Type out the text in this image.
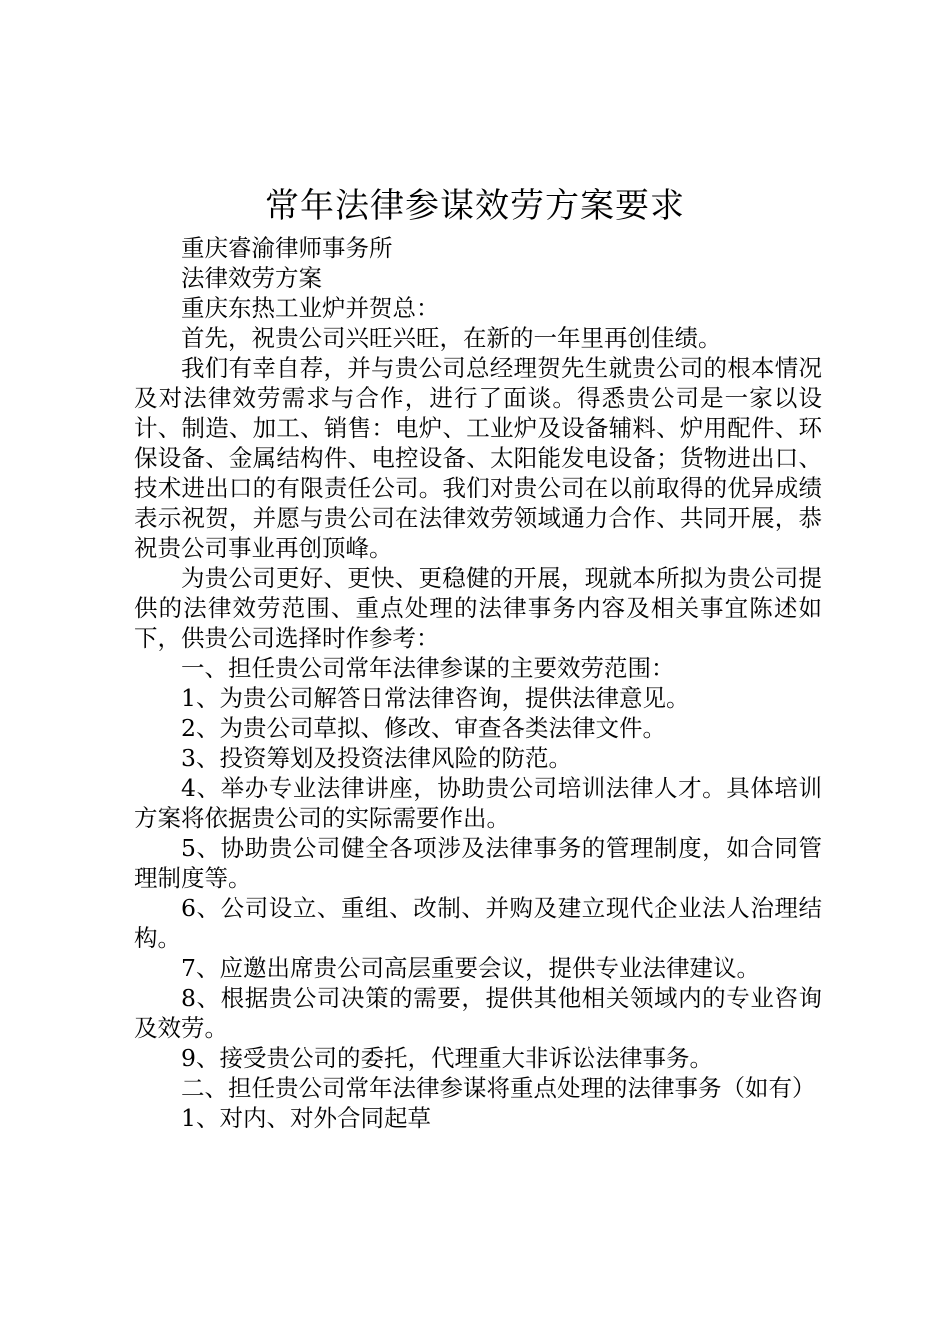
常年法律参谋效劳方案要求

重庆睿渝律师事务所

法律效劳方案

重庆东热工业炉并贺总：

首先，祝贵公司兴旺兴旺，在新的一年里再创佳绩。

我们有幸自荐，并与贵公司总经理贺先生就贵公司的根本情况及对法律效劳需求与合作，进行了面谈。得悉贵公司是一家以设计、制造、加工、销售：电炉、工业炉及设备辅料、炉用配件、环保设备、金属结构件、电控设备、太阳能发电设备；货物进出口、技术进出口的有限责任公司。我们对贵公司在以前取得的优异成绩表示祝贺，并愿与贵公司在法律效劳领域通力合作、共同开展，恭祝贵公司事业再创顶峰。

为贵公司更好、更快、更稳健的开展，现就本所拟为贵公司提供的法律效劳范围、重点处理的法律事务内容及相关事宜陈述如下，供贵公司选择时作参考：

一、担任贵公司常年法律参谋的主要效劳范围：

1、为贵公司解答日常法律咨询，提供法律意见。

2、为贵公司草拟、修改、审查各类法律文件。

3、投资筹划及投资法律风险的防范。

4、举办专业法律讲座，协助贵公司培训法律人才。具体培训方案将依据贵公司的实际需要作出。

5、协助贵公司健全各项涉及法律事务的管理制度，如合同管理制度等。

6、公司设立、重组、改制、并购及建立现代企业法人治理结构。

7、应邀出席贵公司高层重要会议，提供专业法律建议。

8、根据贵公司决策的需要，提供其他相关领域内的专业咨询及效劳。

9、接受贵公司的委托，代理重大非诉讼法律事务。

二、担任贵公司常年法律参谋将重点处理的法律事务（如有）

1、对内、对外合同起草
